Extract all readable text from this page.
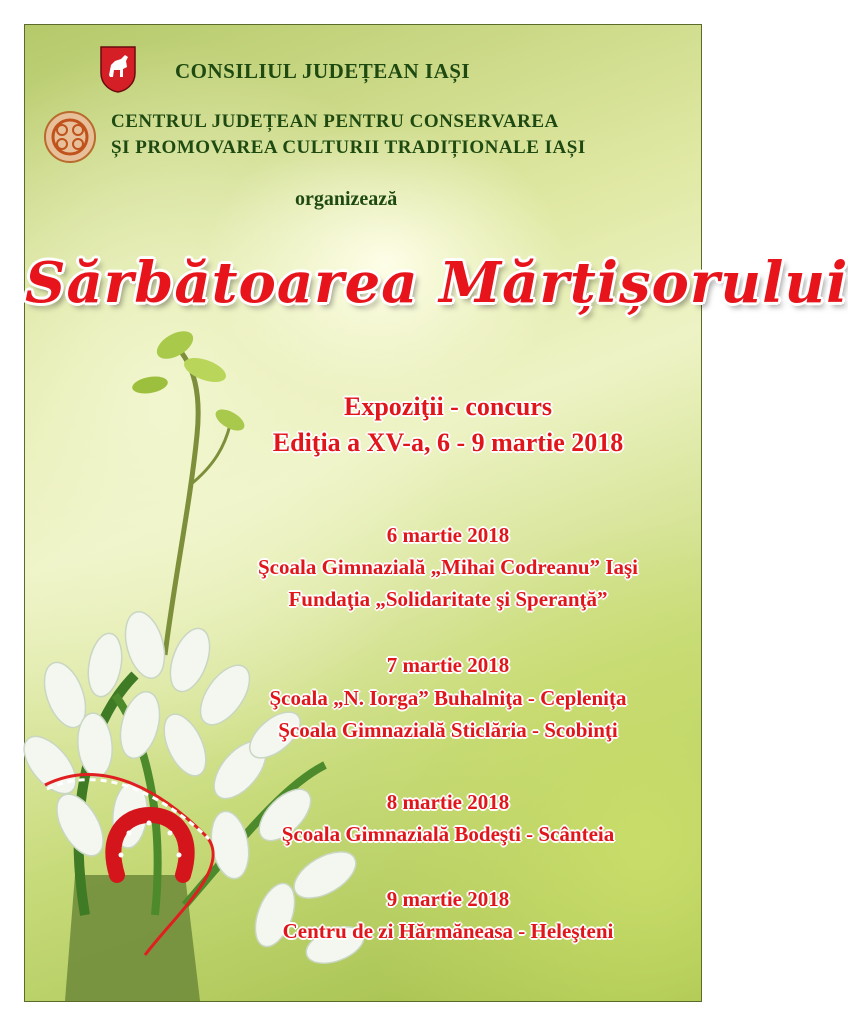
CONSILIUL JUDEȚEAN IAȘI
CENTRUL JUDEȚEAN PENTRU CONSERVAREA
ȘI PROMOVAREA CULTURII TRADIȚIONALE IAȘI
organizează
Sărbătoarea Mărțișorului
Expoziţii - concurs
Ediţia a XV-a, 6 - 9 martie 2018
6 martie 2018
Şcoala Gimnazială „Mihai Codreanu” Iaşi
Fundaţia „Solidaritate şi Speranţă”
7 martie 2018
Şcoala „N. Iorga” Buhalniţa - Ceplenița
Şcoala Gimnazială Sticlăria - Scobinţi
8 martie 2018
Şcoala Gimnazială Bodeşti - Scânteia
9 martie 2018
Centru de zi Hărmăneasa - Heleşteni
